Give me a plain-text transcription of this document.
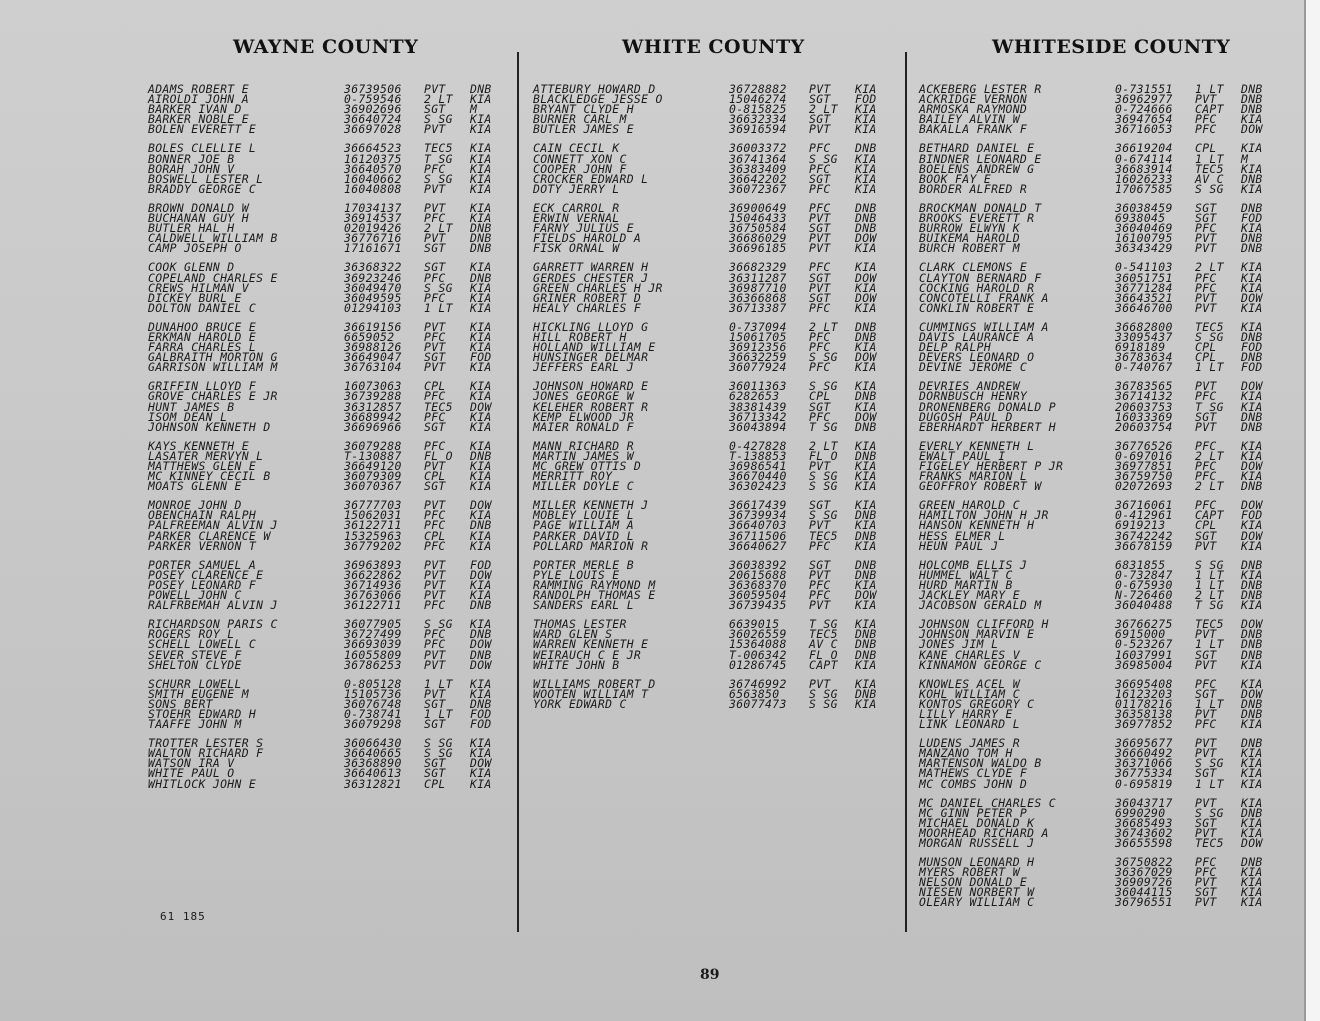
WAYNE COUNTY
ADAMS ROBERT E	36739506 PVT DNB
AIROLDI JOHN A	0-759546 2 LT KIA
BARKER IVAN D	36902696 SGT M
BARKER NOBLE E	36640724 S SG KIA
BOLEN EVERETT E	36697028 PVT KIA
BOLES CLELLIE L	36664523 TEC5 KIA
BONNER JOE B	16120375 T SG KIA
BORAH JOHN V	36640570 PFC KIA
BOSWELL LESTER L	16040662 S SG KIA
BRADDY GEORGE C	16040808 PVT KIA
BROWN DONALD W	17034137 PVT KIA
BUCHANAN GUY H	36914537 PFC KIA
BUTLER HAL H	02019426 2 LT DNB
CALDWELL WILLIAM B	36776716 PVT DNB
CAMP JOSEPH O	17161671 SGT DNB
COOK GLENN D	36368322 SGT KIA
COPELAND CHARLES E	36923246 PFC DNB
CREWS HILMAN V	36049470 S SG KIA
DICKEY BURL E	36049595 PFC KIA
DOLTON DANIEL C	01294103 1 LT KIA
DUNAHOO BRUCE E	36619156 PVT KIA
ERKMAN HAROLD E	6659052	PFC KIA
FARRA CHARLES L	36988126 PVT KIA
GALBRAITH MORTON G	36649047 SGT FOD
GARRISON WILLIAM M	36763104 PVT KIA
GRIFFIN LLOYD F	16073063 CPL KIA
GROVE CHARLES E JR	36739288 PFC KIA
HUNT JAMES B	36312857 TEC5 DOW
ISOM DEAN L	36689942 PFC KIA
JOHNSON KENNETH D	36696966 SGT KIA
KAYS KENNETH E	36079288 PFC KIA
LASATER MERVYN L	T-130887 FL O DNB
MATTHEWS GLEN E	36649120 PVT KIA
MC KINNEY CECIL B	36079309 CPL KIA
MOATS GLENN E	36070367 SGT KIA
MONROE JOHN D	36777703 PVT DOW
OBENCHAIN RALPH	15062031 PFC KIA
PALFREEMAN ALVIN J	36122711 PFC DNB
PARKER CLARENCE W	15325963 CPL KIA
PARKER VERNON T	36779202 PFC KIA
PORTER SAMUEL A	36963893 PVT FOD
POSEY CLARENCE E	36622862 PVT DOW
POSEY LEONARD F	36714936 PVT KIA
POWELL JOHN C	36763066 PVT KIA
RALFRBEMAH ALVIN J	36122711 PFC DNB
RICHARDSON PARIS C	36077905 S SG KIA
ROGERS ROY L	36727499 PFC DNB
SCHELL LOWELL C	36693039 PFC DOW
SEVER STEVE F	16055809 PVT DNB
SHELTON CLYDE	36786253 PVT DOW
SCHURR LOWELL	0-805128 1 LT KIA
SMITH EUGENE M	15105736 PVT KIA
SONS BERT	36076748 SGT DNB
STOEHR EDWARD H	0-738741 1 LT FOD
TAAFFE JOHN M	36079298 SGT FOD
TROTTER LESTER S	36066430 S SG KIA
WALTON RICHARD F	36640665 S SG KIA
WATSON IRA V	36368890 SGT DOW
WHITE PAUL O	36640613 SGT KIA
WHITLOCK JOHN E	36312821 CPL KIA
WHITE COUNTY
ATTEBURY HOWARD D	36728882 PVT KIA
BLACKLEDGE JESSE O	15046274 SGT FOD
BRYANT CLYDE H	0-815825 2 LT KIA
BURNER CARL M	36632334 SGT KIA
BUTLER JAMES E	36916594 PVT KIA
CAIN CECIL K	36003372 PFC DNB
CONNETT XON C	36741364 S SG KIA
COOPER JOHN F	36383409 PFC KIA
CROCKER EDWARD L	36642202 SGT KIA
DOTY JERRY L	36072367 PFC KIA
ECK CARROL R	36900649 PFC DNB
ERWIN VERNAL	15046433 PVT DNB
FARNY JULIUS E	36750584 SGT DNB
FIELDS HAROLD A	36686029 PVT DOW
FISK ORNAL W	36696185 PVT KIA
GARRETT WARREN H	36682329 PFC KIA
GERDES CHESTER J	36311287 SGT DOW
GREEN CHARLES H JR	36987710 PVT KIA
GRINER ROBERT D	36366868 SGT DOW
HEALY CHARLES F	36713387 PFC KIA
HICKLING LLOYD G	0-737094 2 LT DNB
HILL ROBERT H	15061705 PFC DNB
HOLLAND WILLIAM E	36912356 PFC KIA
HUNSINGER DELMAR	36632259 S SG DOW
JEFFERS EARL J	36077924 PFC KIA
JOHNSON HOWARD E	36011363 S SG KIA
JONES GEORGE W	6282653	CPL DNB
KELEHER ROBERT R	38381439 SGT KIA
KEMP ELWOOD JR	36713342 PFC DOW
MAIER RONALD F	36043894 T SG DNB
MANN RICHARD R	0-427828 2 LT KIA
MARTIN JAMES W	T-138853 FL O DNB
MC GREW OTTIS D	36986541 PVT KIA
MERRITT ROY	36670440 S SG KIA
MILLER DOYLE C	36302423 S SG KIA
MILLER KENNETH J	36617439 SGT KIA
MOBLEY LOUIE L	36739934 S SG DNB
PAGE WILLIAM A	36640703 PVT KIA
PARKER DAVID L	36711506 TEC5 DNB
POLLARD MARION R	36640627 PFC KIA
PORTER MERLE B	36038392 SGT DNB
PYLE LOUIS E	20615688 PVT DNB
RAMMING RAYMOND M	36368370 PFC KIA
RANDOLPH THOMAS E	36059504 PFC DOW
SANDERS EARL L	36739435 PVT KIA
THOMAS LESTER	6639015	T SG KIA
WARD GLEN S	36026559 TEC5 DNB
WARREN KENNETH E	15364088 AV C DNB
WEIRAUCH C E JR	T-006342 FL O DNB
WHITE JOHN B	01286745 CAPT KIA
WILLIAMS ROBERT D	36746992 PVT KIA
WOOTEN WILLIAM T	6563850	S SG DNB
YORK EDWARD C	36077473 S SG KIA
WHITESIDE COUNTY
ACKEBERG LESTER R	0-731551 1 LT DNB
ACKRIDGE VERNON	36962977 PVT DNB
ARMOSKA RAYMOND	0-724666 CAPT DNB
BAILEY ALVIN W	36947654 PFC KIA
BAKALLA FRANK F	36716053 PFC DOW
BETHARD DANIEL E	36619204 CPL KIA
BINDNER LEONARD E	0-674114 1 LT M
BOELENS ANDREW G	36683914 TEC5 KIA
BOOK FAY E	16026233 AV C DNB
BORDER ALFRED R	17067585 S SG KIA
BROCKMAN DONALD T	36038459 SGT DNB
BROOKS EVERETT R	6938045	SGT FOD
BURROW ELWYN K	36040469 PFC KIA
BUIKEMA HAROLD	16100795 PVT DNB
BURCH ROBERT M	36343429 PVT DNB
CLARK CLEMONS E	0-541103 2 LT KIA
CLAYTON BERNARD F	36051751 PFC KIA
COCKING HAROLD R	36771284 PFC KIA
CONCOTELLI FRANK A	36643521 PVT DOW
CONKLIN ROBERT E	36646700 PVT KIA
CUMMINGS WILLIAM A	36682800 TEC5 KIA
DAVIS LAURANCE A	33095437 S SG DNB
DELP RALPH	6918189	CPL FOD
DEVERS LEONARD O	36783634 CPL DNB
DEVINE JEROME C	0-740767 1 LT FOD
DEVRIES ANDREW	36783565 PVT DOW
DORNBUSCH HENRY	36714132 PFC KIA
DRONENBERG DONALD P	20603753 T SG KIA
DUGOSH PAUL D	16033369 SGT DNB
EBERHARDT HERBERT H	20603754 PVT DNB
EVERLY KENNETH L	36776526 PFC KIA
EWALT PAUL I	0-697016 2 LT KIA
FIGELEY HERBERT P JR	36977851 PFC DOW
FRANKS MARION L	36759750 PFC KIA
GEOFFROY ROBERT W	02072693 2 LT DNB
GREEN HAROLD C	36716061 PFC DOW
HAMILTON JOHN H JR	0-412961 CAPT FOD
HANSON KENNETH H	6919213	CPL KIA
HESS ELMER L	36742242 SGT DOW
HEUN PAUL J	36678159 PVT KIA
HOLCOMB ELLIS J	6831855	S SG DNB
HUMMEL WALT C	0-732847 1 LT KIA
HURD MARTIN B	0-675930 1 LT DNB
JACKLEY MARY E	N-726460 2 LT DNB
JACOBSON GERALD M	36040488 T SG KIA
JOHNSON CLIFFORD H	36766275 TEC5 DOW
JOHNSON MARVIN E	6915000	PVT DNB
JONES JIM L	0-523267 1 LT DNB
KANE CHARLES V	16037991 SGT DNB
KINNAMON GEORGE C	36985004 PVT KIA
KNOWLES ACEL W	36695408 PFC KIA
KOHL WILLIAM C	16123203 SGT DOW
KONTOS GREGORY C	01178216 1 LT DNB
LILLY HARRY E	36358138 PVT DNB
LINK LEONARD L	36977852 PFC KIA
LUDENS JAMES R	36695677 PVT DNB
MANZANO TOM H	36660492 PVT KIA
MARTENSON WALDO B	36371066 S SG KIA
MATHEWS CLYDE F	36775334 SGT KIA
MC COMBS JOHN D	0-695819 1 LT KIA
MC DANIEL CHARLES C	36043717 PVT KIA
MC GINN PETER P	6990290	S SG DNB
MICHAEL DONALD K	36685493 SGT KIA
MOORHEAD RICHARD A	36743602 PVT KIA
MORGAN RUSSELL J	36655598 TEC5 DOW
MUNSON LEONARD H	36750822 PFC DNB
MYERS ROBERT W	36367029 PFC KIA
NELSON DONALD E	36909726 PVT KIA
NIESEN NORBERT W	36044115 SGT KIA
OLEARY WILLIAM C	36796551 PVT KIA
61 185
89
